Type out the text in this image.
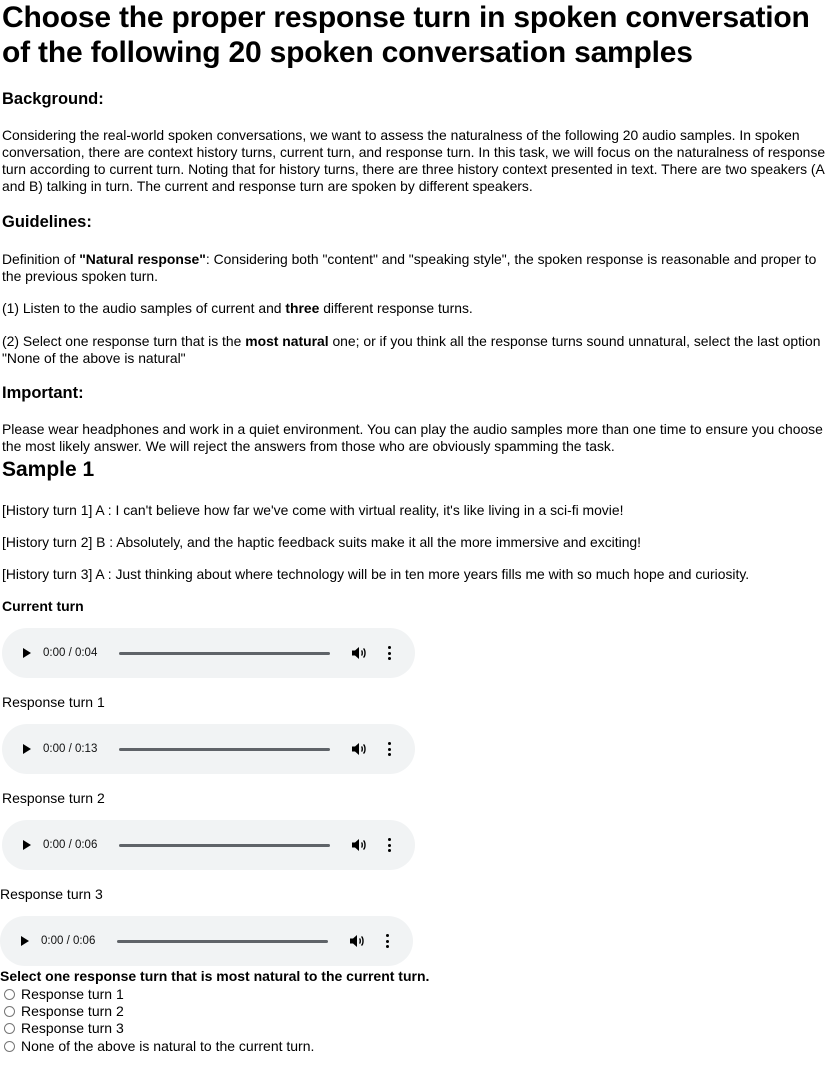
Choose the proper response turn in spoken conversation of the following 20 spoken conversation samples
Background:

Considering the real-world spoken conversations, we want to assess the naturalness of the following 20 audio samples. In spoken conversation, there are context history turns, current turn, and response turn. In this task, we will focus on the naturalness of response turn according to current turn. Noting that for history turns, there are three history context presented in text. There are two speakers (A and B) talking in turn. The current and response turn are spoken by different speakers.

Guidelines:

Definition of "Natural response": Considering both "content" and "speaking style", the spoken response is reasonable and proper to the previous spoken turn.

(1) Listen to the audio samples of current and three different response turns.

(2) Select one response turn that is the most natural one; or if you think all the response turns sound unnatural, select the last option "None of the above is natural"

Important:

Please wear headphones and work in a quiet environment. You can play the audio samples more than one time to ensure you choose the most likely answer. We will reject the answers from those who are obviously spamming the task.

Sample 1

[History turn 1] A : I can't believe how far we've come with virtual reality, it's like living in a sci-fi movie!

[History turn 2] B : Absolutely, and the haptic feedback suits make it all the more immersive and exciting!

[History turn 3] A : Just thinking about where technology will be in ten more years fills me with so much hope and curiosity.

Current turn

0:00 / 0:04

Response turn 1

0:00 / 0:13

Response turn 2

0:00 / 0:06

Response turn 3

0:00 / 0:06

Select one response turn that is most natural to the current turn.

Response turn 1
Response turn 2
Response turn 3
None of the above is natural to the current turn.
